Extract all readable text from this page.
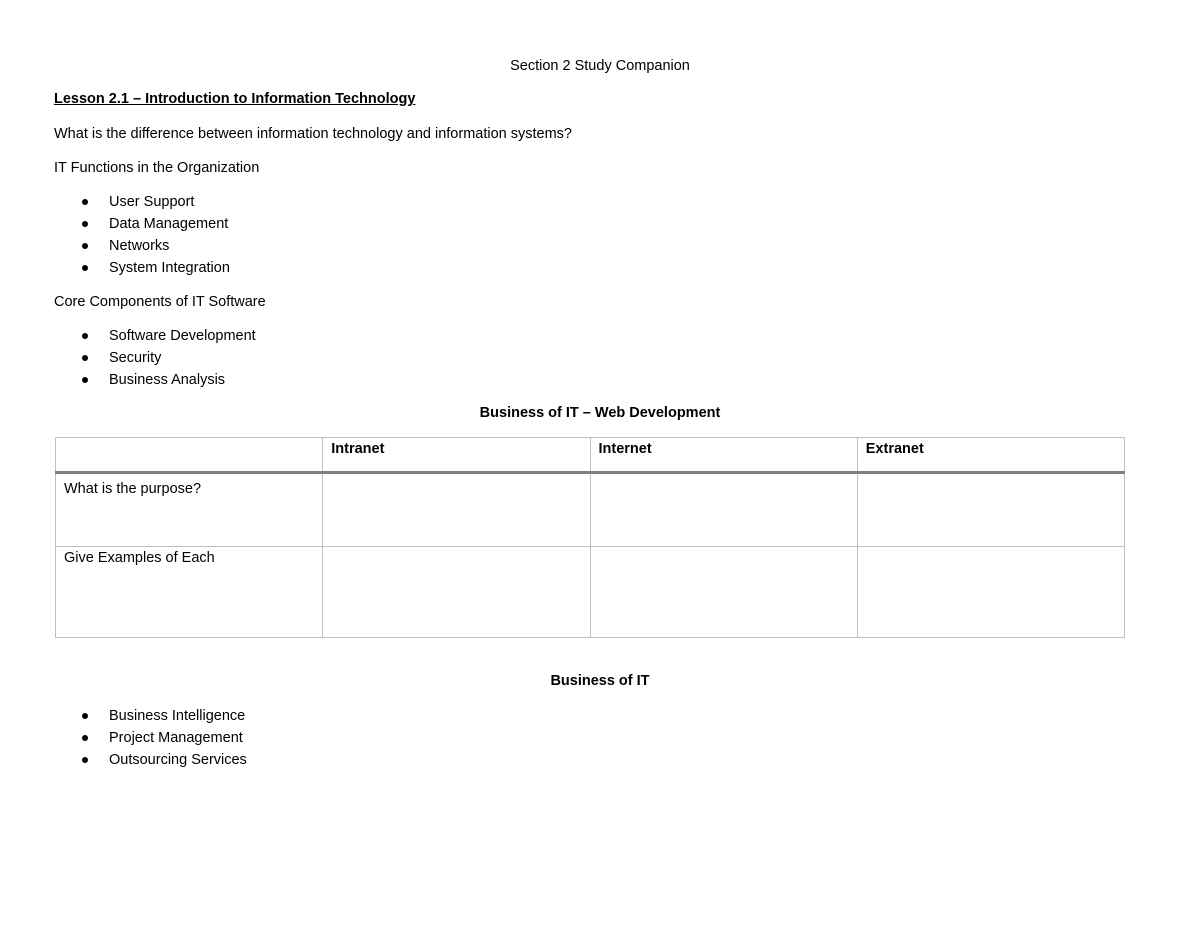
Section 2 Study Companion
Lesson 2.1 – Introduction to Information Technology
What is the difference between information technology and information systems?
IT Functions in the Organization
User Support
Data Management
Networks
System Integration
Core Components of IT Software
Software Development
Security
Business Analysis
Business of IT – Web Development
	Intranet	Internet	Extranet
What is the purpose?			
Give Examples of Each			
Business of IT
Business Intelligence
Project Management
Outsourcing Services
